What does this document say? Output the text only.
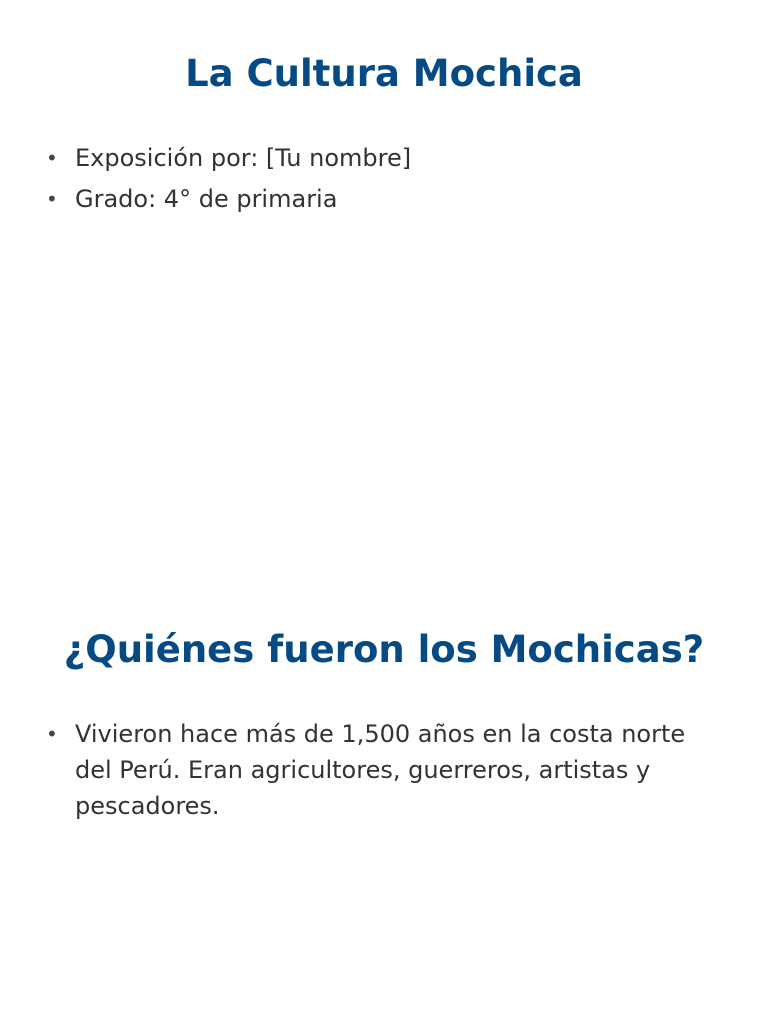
La Cultura Mochica
• Exposición por: [Tu nombre]
• Grado: 4° de primaria
¿Quiénes fueron los Mochicas?
• Vivieron hace más de 1,500 años en la costa norte del Perú. Eran agricultores, guerreros, artistas y pescadores.
